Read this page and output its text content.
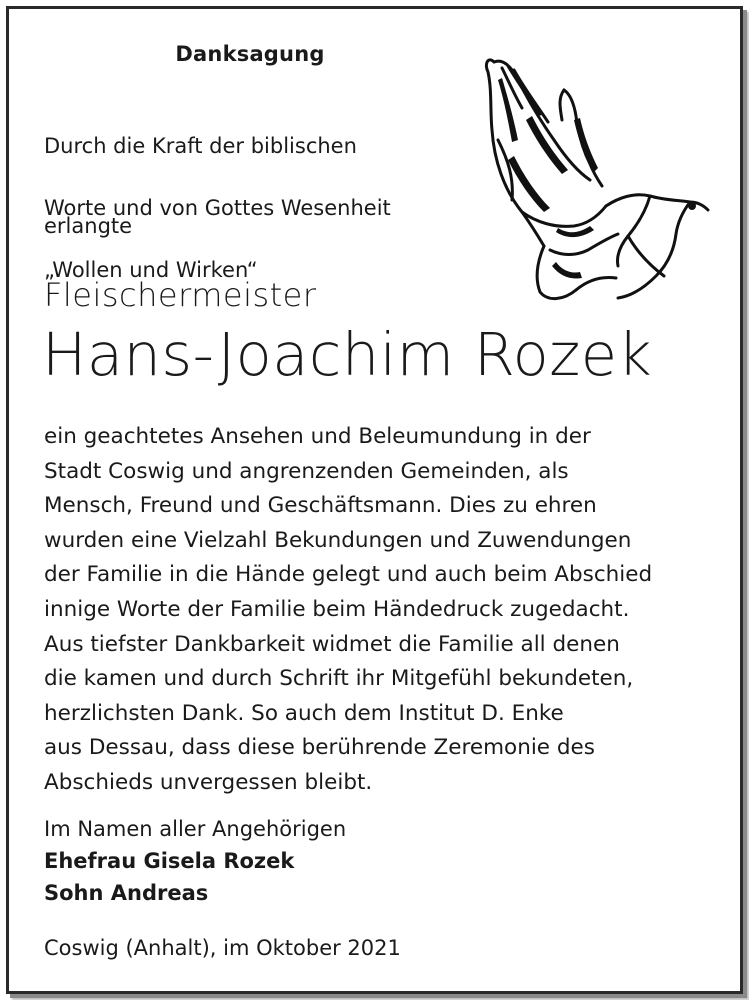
Danksagung

Durch die Kraft der biblischen

Worte und von Gottes Wesenheit

„Wollen und Wirken“

erlangte
Fleischermeister
Hans-Joachim Rozek
ein geachtetes Ansehen und Beleumundung in der
Stadt Coswig und angrenzenden Gemeinden, als
Mensch, Freund und Geschäftsmann. Dies zu ehren
wurden eine Vielzahl Bekundungen und Zuwendungen
der Familie in die Hände gelegt und auch beim Abschied
innige Worte der Familie beim Händedruck zugedacht.
Aus tiefster Dankbarkeit widmet die Familie all denen
die kamen und durch Schrift ihr Mitgefühl bekundeten,
herzlichsten Dank. So auch dem Institut D. Enke
aus Dessau, dass diese berührende Zeremonie des
Abschieds unvergessen bleibt.
Im Namen aller Angehörigen
Ehefrau Gisela Rozek
Sohn Andreas
Coswig (Anhalt), im Oktober 2021
